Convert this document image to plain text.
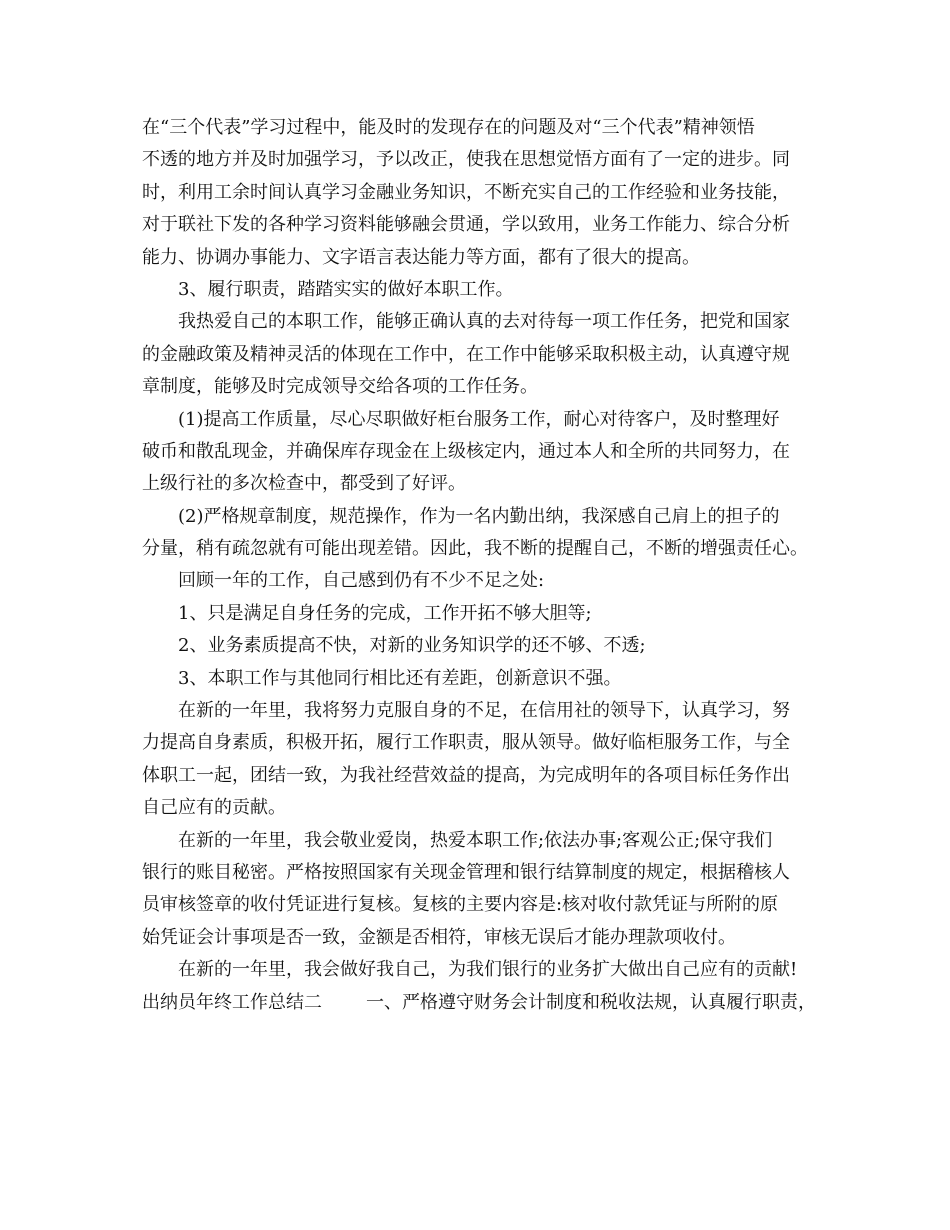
在“三个代表”学习过程中，能及时的发现存在的问题及对“三个代表”精神领悟
不透的地方并及时加强学习，予以改正，使我在思想觉悟方面有了一定的进步。同
时，利用工余时间认真学习金融业务知识，不断充实自己的工作经验和业务技能，
对于联社下发的各种学习资料能够融会贯通，学以致用，业务工作能力、综合分析
能力、协调办事能力、文字语言表达能力等方面，都有了很大的提高。
3、履行职责，踏踏实实的做好本职工作。
我热爱自己的本职工作，能够正确认真的去对待每一项工作任务，把党和国家
的金融政策及精神灵活的体现在工作中，在工作中能够采取积极主动，认真遵守规
章制度，能够及时完成领导交给各项的工作任务。
(1)提高工作质量，尽心尽职做好柜台服务工作，耐心对待客户，及时整理好
破币和散乱现金，并确保库存现金在上级核定内，通过本人和全所的共同努力，在
上级行社的多次检查中，都受到了好评。
(2)严格规章制度，规范操作，作为一名内勤出纳，我深感自己肩上的担子的
分量，稍有疏忽就有可能出现差错。因此，我不断的提醒自己，不断的增强责任心。
回顾一年的工作，自己感到仍有不少不足之处:
1、只是满足自身任务的完成，工作开拓不够大胆等;
2、业务素质提高不快，对新的业务知识学的还不够、不透;
3、本职工作与其他同行相比还有差距，创新意识不强。
在新的一年里，我将努力克服自身的不足，在信用社的领导下，认真学习，努
力提高自身素质，积极开拓，履行工作职责，服从领导。做好临柜服务工作，与全
体职工一起，团结一致，为我社经营效益的提高，为完成明年的各项目标任务作出
自己应有的贡献。
在新的一年里，我会敬业爱岗，热爱本职工作;依法办事;客观公正;保守我们
银行的账目秘密。严格按照国家有关现金管理和银行结算制度的规定，根据稽核人
员审核签章的收付凭证进行复核。复核的主要内容是:核对收付款凭证与所附的原
始凭证会计事项是否一致，金额是否相符，审核无误后才能办理款项收付。
在新的一年里，我会做好我自己，为我们银行的业务扩大做出自己应有的贡献!
出纳员年终工作总结二 一、严格遵守财务会计制度和税收法规，认真履行职责，
